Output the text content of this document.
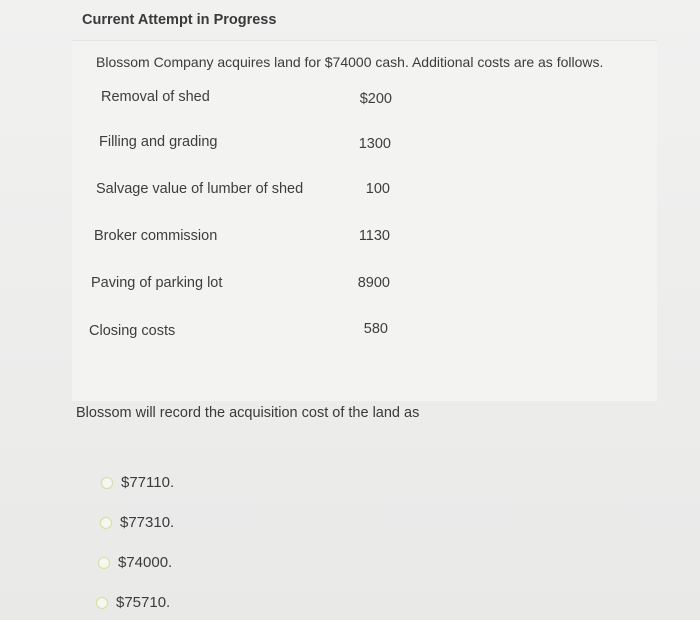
Current Attempt in Progress
Blossom Company acquires land for $74000 cash. Additional costs are as follows.
Removal of shed	$200
Filling and grading	1300
Salvage value of lumber of shed	100
Broker commission	1130
Paving of parking lot	8900
Closing costs	580
Blossom will record the acquisition cost of the land as
$77110.
$77310.
$74000.
$75710.
